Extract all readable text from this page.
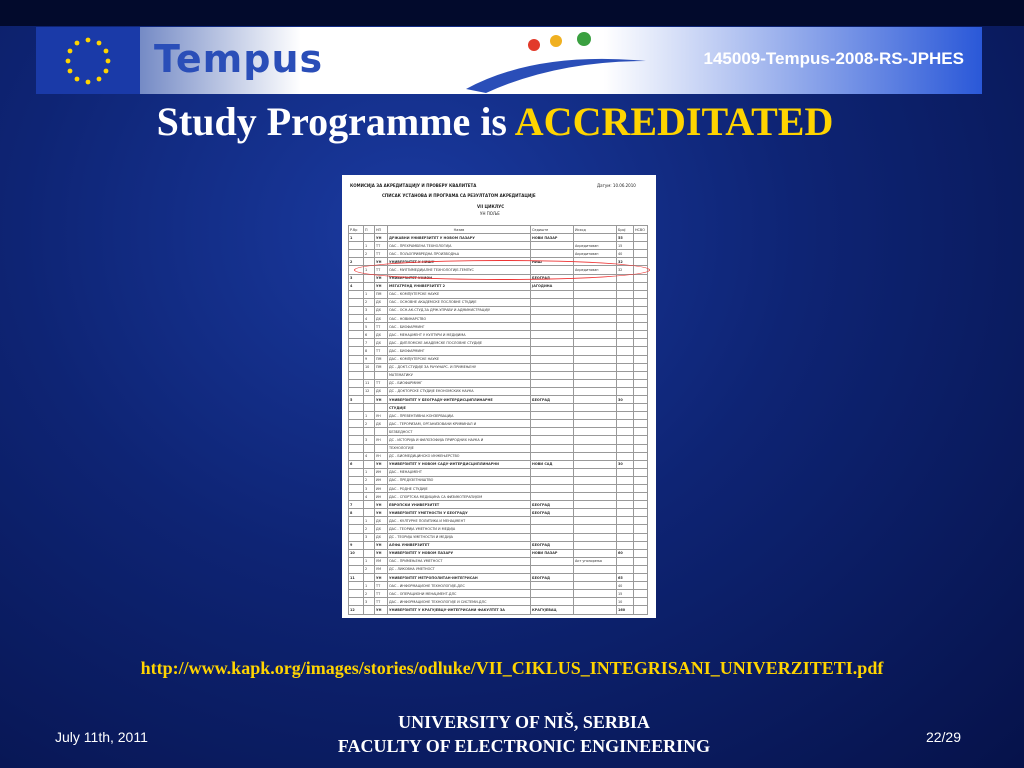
Tempus	145009-Tempus-2008-RS-JPHES
Study Programme is ACCREDITATED
КОМИСИЈА ЗА АКРЕДИТАЦИЈУ И ПРОВЕРУ КВАЛИТЕТА	Датум: 10.06.2010
СПИСАК УСТАНОВА И ПРОГРАМА СА РЕЗУЛТАТОМ АКРЕДИТАЦИЈЕ
VII ЦИКЛУС
УН ПОЉЕ
Р.бр	П	НП	Назив	Седиште	Исход	Број	НСВО
1		УН	ДРЖАВНИ УНИВЕРЗИТЕТ У НОВОМ ПАЗАРУ	НОВИ ПАЗАР		55	
	1	ТТ	ОАС - ПРЕХРАМБЕНА ТЕХНОЛОГИЈА		Акредитован	15	
	2	ТТ	ОАС - ПОЉОПРИВРЕДНА ПРОИЗВОДЊА		Акредитован	40	
2		УН	УНИВЕРЗИТЕТ У НИШУ	НИШ		32	
	1	ТТ	ОАС - МУЛТИМЕДИЈАЛНЕ ТЕХНОЛОГИЈЕ-ТЕМПУС		Акредитован	32	
3		УН	УНИВЕРЗИТЕТ УНИОН	БЕОГРАД			
4		УН	МЕГАТРЕНД УНИВЕРЗИТЕТ 2	ЈАГОДИНА			
	1	ПМ	ОАС - КОМПЈУТЕРСКЕ НАУКЕ				
	2	ДХ	ОАС - ОСНОВНЕ АКАДЕМСКЕ ПОСЛОВНЕ СТУДИЈЕ				
	3	ДХ	ОАС - ОСН.АК.СТУД.ЗА ДРЖ.УПРАВУ И АДМИНИСТРАЦИЈУ				
	4	ДХ	ОАС - НОВИНАРСТВО				
	5	ТТ	ОАС - БИОФАРМИНГ				
	6	ДХ	ДАС - МЕНАЏМЕНТ У КУЛТУРИ И МЕДИЈИМА				
	7	ДХ	ДАС - ДИПЛОМСКЕ АКАДЕМСКЕ ПОСЛОВНЕ СТУДИЈЕ				
	8	ТТ	ДАС - БИОФАРМИНГ				
	9	ПМ	ДАС - КОМПЈУТЕРСКЕ НАУКЕ				
	10	ПМ	ДС - ДОКТ.СТУДИЈЕ ЗА РАЧУНАРС. И ПРИМЕЊЕНУ				
			МАТЕМАТИКУ				
	11	ТТ	ДС - БИОФАРМИНГ				
	12	ДХ	ДС - ДОКТОРСКЕ СТУДИЈЕ ЕКОНОМСКИХ НАУКА				
5		УН	УНИВЕРЗИТЕТ У БЕОГРАДУ-ИНТЕРДИСЦИПЛИНАРНЕ	БЕОГРАД		30	
			СТУДИЈЕ				
	1	УН	ДАС - ПРЕВЕНТИВНА КОНЗЕРВАЦИЈА				
	2	ДХ	ДАС - ТЕРОРИЗАМ, ОРГАНИЗОВАНИ КРИМИНАЛ И				
			БЕЗБЕДНОСТ				
	3	УН	ДС - ИСТОРИЈА И ФИЛОЗОФИЈА ПРИРОДНИХ НАУКА И				
			ТЕХНОЛОГИЈЕ				
	4	УН	ДС - БИОМЕДИЦИНСКО ИНЖЕЊЕРСТВО				
6		УН	УНИВЕРЗИТЕТ У НОВОМ САДУ-ИНТЕРДИСЦИПЛИНАРНИ	НОВИ САД		30	
	1	ИН	ДАС - МЕНАЏМЕНТ				
	2	ИН	ДАС - ПРЕДУЗЕТНИШТВО				
	3	ИН	ДАС - РОДНЕ СТУДИЈЕ				
	4	ИН	ДАС - СПОРТСКА МЕДИЦИНА СА ФИЗИКОТЕРАПИЈОМ				
7		УН	ЕВРОПСКИ УНИВЕРЗИТЕТ	БЕОГРАД			
8		УН	УНИВЕРЗИТЕТ УМЕТНОСТИ У БЕОГРАДУ	БЕОГРАД			
	1	ДХ	ДАС - КУЛТУРНЕ ПОЛИТИКА И МЕНАЏМЕНТ				
	2	ДХ	ДАС - ТЕОРИЈА УМЕТНОСТИ И МЕДИЈА				
	3	ДХ	ДС - ТЕОРИЈА УМЕТНОСТИ И МЕДИЈА				
9		УН	АЛФА УНИВЕРЗИТЕТ	БЕОГРАД			
10		УН	УНИВЕРЗИТЕТ У НОВОМ ПАЗАРУ	НОВИ ПАЗАР		60	
	1	УМ	ОАС - ПРИМЕЊЕНА УМЕТНОСТ		Акт упозорења		
	2	УМ	ДС - ЛИКОВНА УМЕТНОСТ				
11		УН	УНИВЕРЗИТЕТ МЕТРОПОЛИТАН-ИНТЕГРИСАН	БЕОГРАД		65	
	1	ТТ	ОАС - ИНФОРМАЦИОНЕ ТЕХНОЛОГИЈЕ-ДЛС			40	
	2	ТТ	ОАС - ОПЕРАЦИОНИ МЕНАЏМЕНТ-ДЛС			15	
	3	ТТ	ДАС - ИНФОРМАЦИОНЕ ТЕХНОЛОГИЈЕ И СИСТЕМИ-ДЛС			10	
12		УН	УНИВЕРЗИТЕТ У КРАГУЈЕВЦУ-ИНТЕГРИСАНИ ФАКУЛТЕТ ЗА	КРАГУЈЕВАЦ		160	
http://www.kapk.org/images/stories/odluke/VII_CIKLUS_INTEGRISANI_UNIVERZITETI.pdf
July 11th, 2011
UNIVERSITY OF NIŠ, SERBIA
FACULTY OF ELECTRONIC ENGINEERING	22/29
